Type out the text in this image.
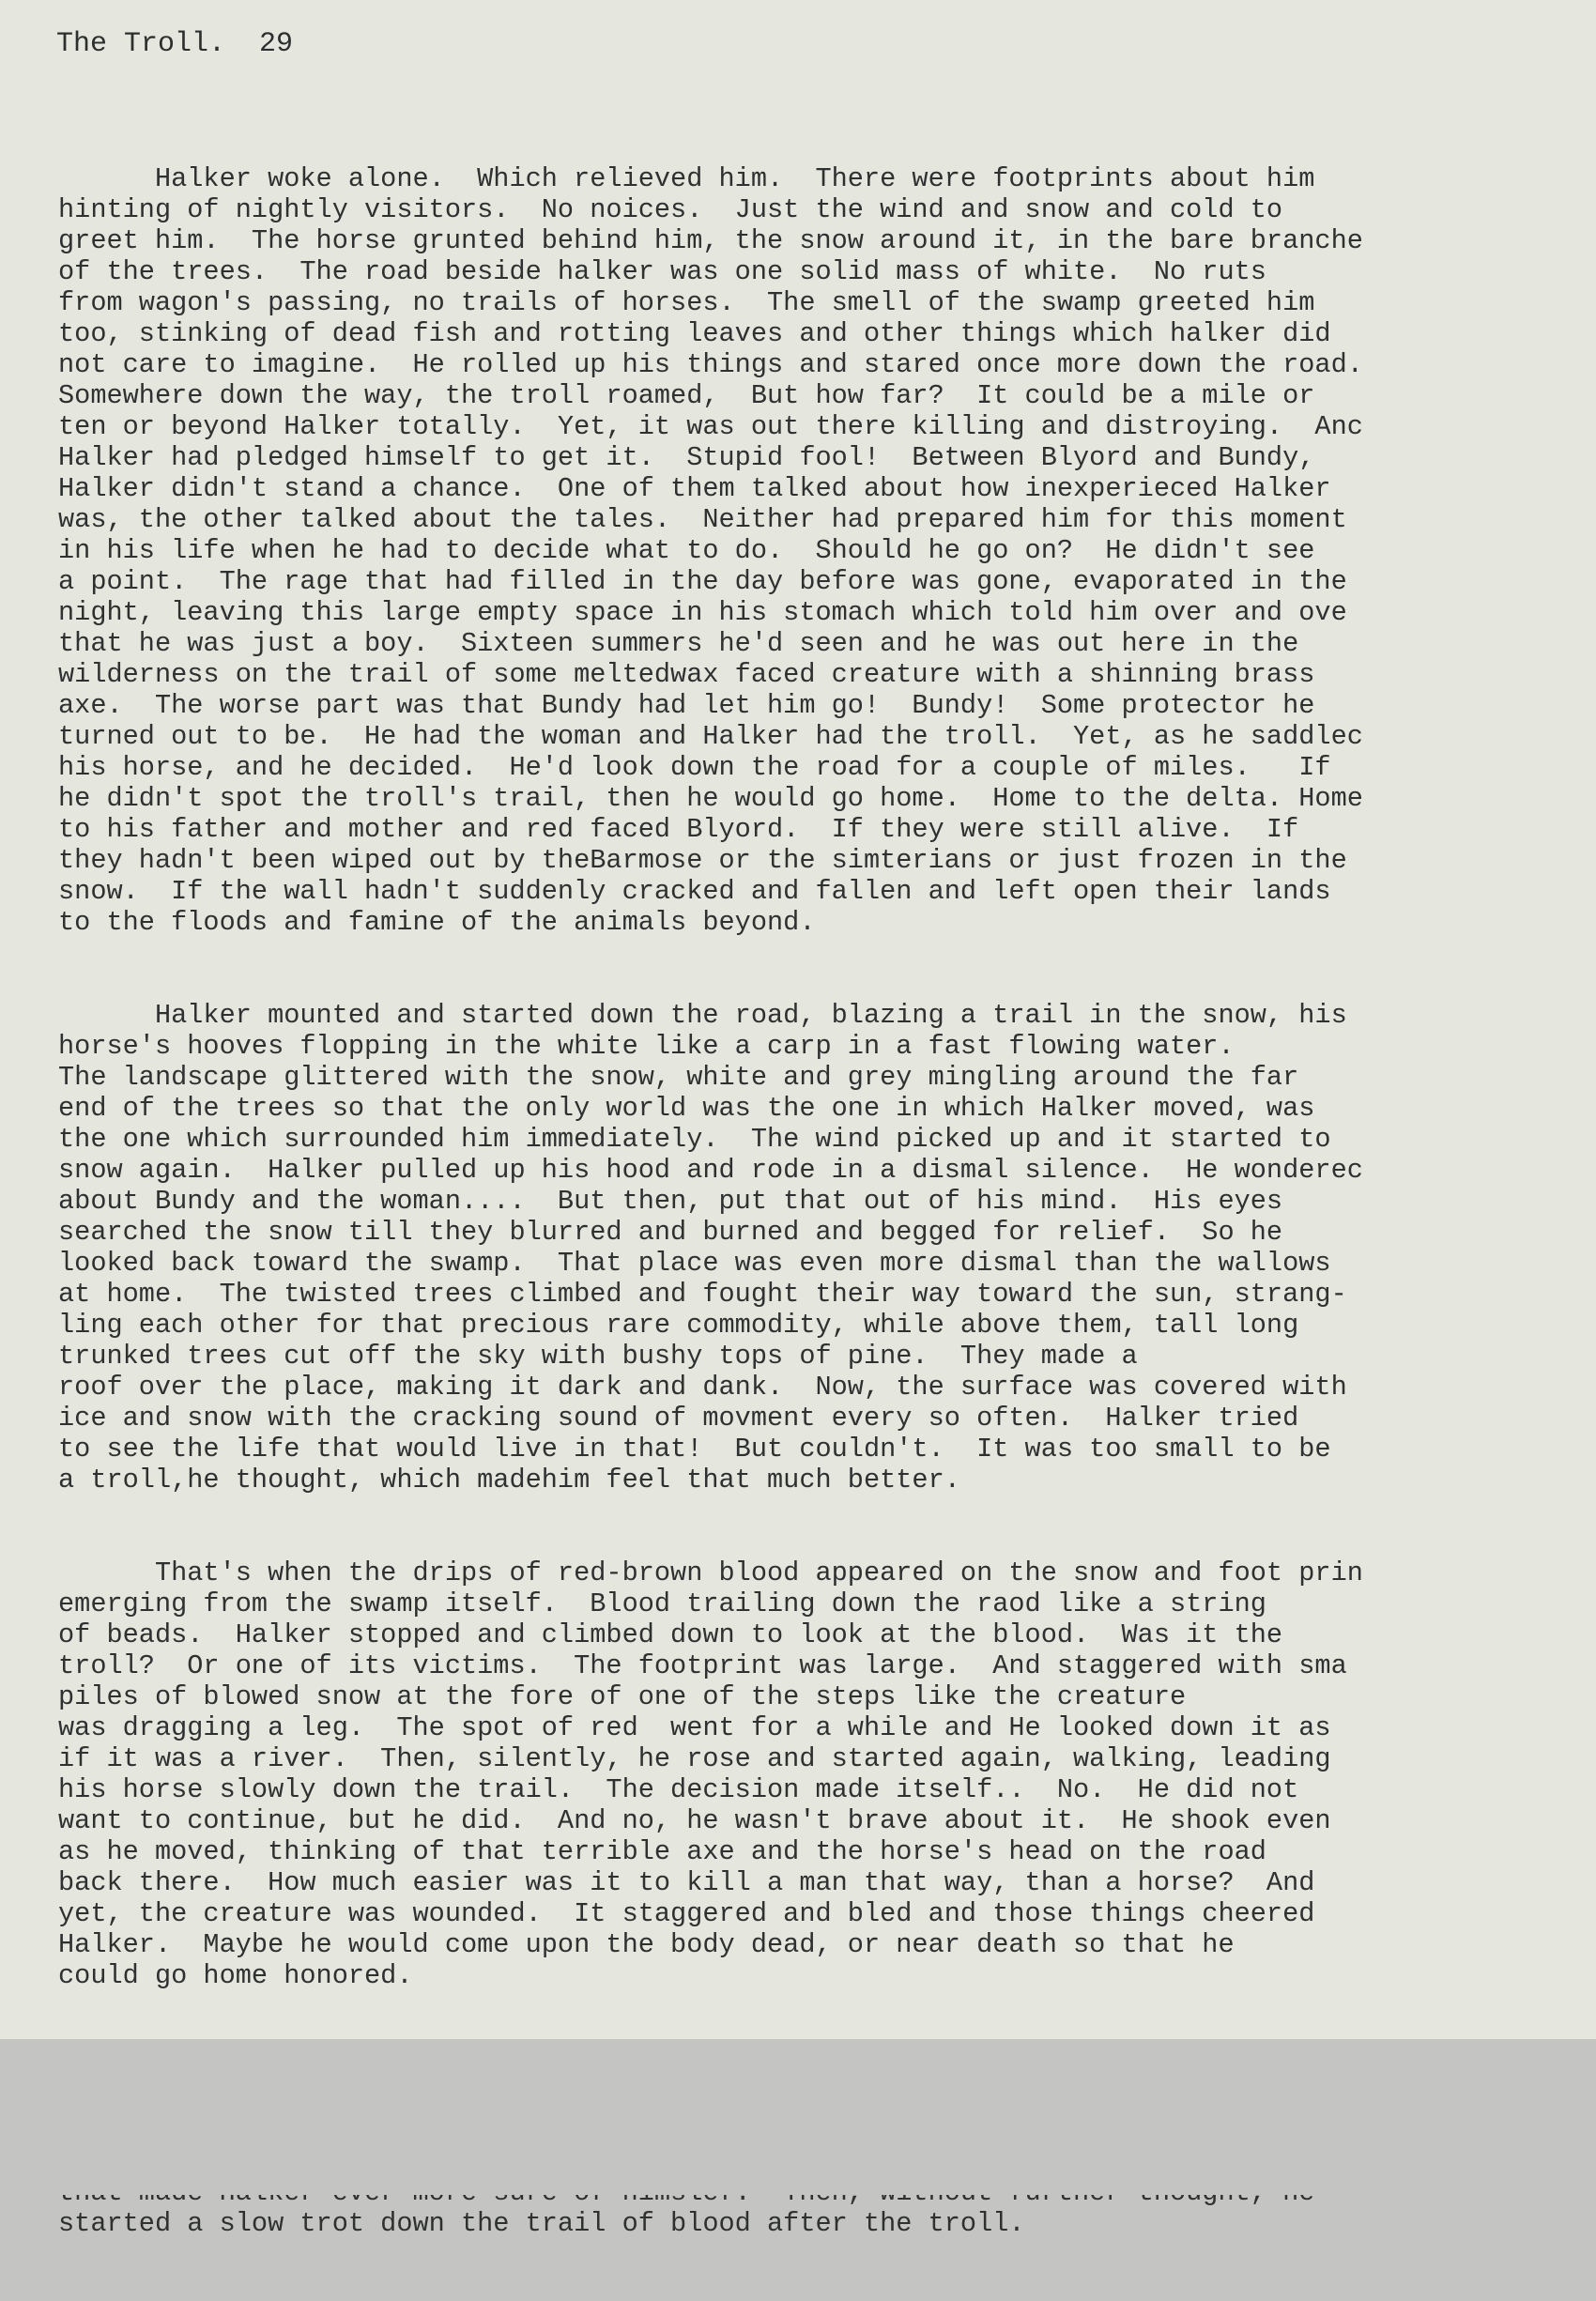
The Troll.  29

Halker woke alone.  Which relieved him.  There were footprints about him
hinting of nightly visitors.  No noices.  Just the wind and snow and cold to
greet him.  The horse grunted behind him, the snow around it, in the bare branche
of the trees.  The road beside halker was one solid mass of white.  No ruts
from wagon's passing, no trails of horses.  The smell of the swamp greeted him
too, stinking of dead fish and rotting leaves and other things which halker did
not care to imagine.  He rolled up his things and stared once more down the road.
Somewhere down the way, the troll roamed,  But how far?  It could be a mile or
ten or beyond Halker totally.  Yet, it was out there killing and distroying.  Anc
Halker had pledged himself to get it.  Stupid fool!  Between Blyord and Bundy,
Halker didn't stand a chance.  One of them talked about how inexperieced Halker
was, the other talked about the tales.  Neither had prepared him for this moment
in his life when he had to decide what to do.  Should he go on?  He didn't see
a point.  The rage that had filled in the day before was gone, evaporated in the
night, leaving this large empty space in his stomach which told him over and ove
that he was just a boy.  Sixteen summers he'd seen and he was out here in the
wilderness on the trail of some meltedwax faced creature with a shinning brass
axe.  The worse part was that Bundy had let him go!  Bundy!  Some protector he
turned out to be.  He had the woman and Halker had the troll.  Yet, as he saddlec
his horse, and he decided.  He'd look down the road for a couple of miles.   If
he didn't spot the troll's trail, then he would go home.  Home to the delta. Home
to his father and mother and red faced Blyord.  If they were still alive.  If
they hadn't been wiped out by theBarmose or the simterians or just frozen in the
snow.  If the wall hadn't suddenly cracked and fallen and left open their lands
to the floods and famine of the animals beyond.

Halker mounted and started down the road, blazing a trail in the snow, his
horse's hooves flopping in the white like a carp in a fast flowing water.
The landscape glittered with the snow, white and grey mingling around the far
end of the trees so that the only world was the one in which Halker moved, was
the one which surrounded him immediately.  The wind picked up and it started to
snow again.  Halker pulled up his hood and rode in a dismal silence.  He wonderec
about Bundy and the woman....  But then, put that out of his mind.  His eyes
searched the snow till they blurred and burned and begged for relief.  So he
looked back toward the swamp.  That place was even more dismal than the wallows
at home.  The twisted trees climbed and fought their way toward the sun, strang-
ling each other for that precious rare commodity, while above them, tall long
trunked trees cut off the sky with bushy tops of pine.  They made a
roof over the place, making it dark and dank.  Now, the surface was covered with
ice and snow with the cracking sound of movment every so often.  Halker tried
to see the life that would live in that!  But couldn't.  It was too small to be
a troll,he thought, which madehim feel that much better.

That's when the drips of red-brown blood appeared on the snow and foot prin
emerging from the swamp itself.  Blood trailing down the raod like a string
of beads.  Halker stopped and climbed down to look at the blood.  Was it the
troll?  Or one of its victims.  The footprint was large.  And staggered with sma
piles of blowed snow at the fore of one of the steps like the creature
was dragging a leg.  The spot of red  went for a while and He looked down it as
if it was a river.  Then, silently, he rose and started again, walking, leading
his horse slowly down the trail.  The decision made itself..  No.  He did not
want to continue, but he did.  And no, he wasn't brave about it.  He shook even
as he moved, thinking of that terrible axe and the horse's head on the road
back there.  How much easier was it to kill a man that way, than a horse?  And
yet, the creature was wounded.  It staggered and bled and those things cheered
Halker.  Maybe he would come upon the body dead, or near death so that he
could go home honored.

started a slow trot down the trail of blood after the troll.
